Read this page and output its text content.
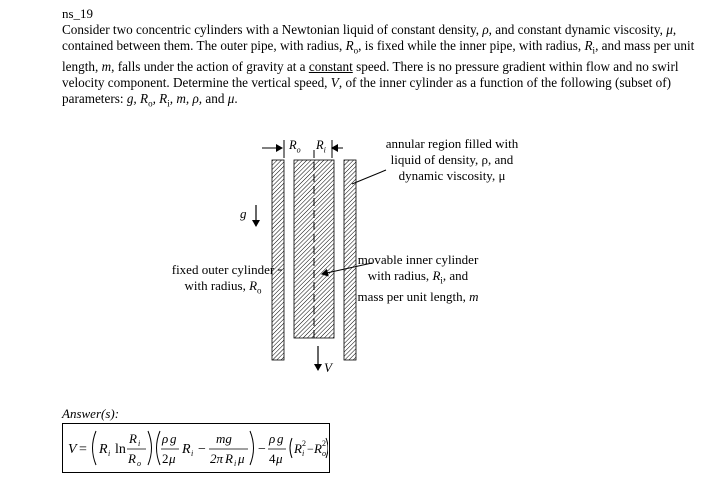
ns_19
Consider two concentric cylinders with a Newtonian liquid of constant density, ρ, and constant dynamic viscosity, μ, contained between them. The outer pipe, with radius, $R_o$, is fixed while the inner pipe, with radius, $R_i$, and mass per unit length, m, falls under the action of gravity at a constant speed. There is no pressure gradient within flow and no swirl velocity component. Determine the vertical speed, V, of the inner cylinder as a function of the following (subset of) parameters: g, $R_o$, $R_i$, m, ρ, and μ.
$R_o$ $R_i$
g
V
annular region filled with liquid of density, ρ, and dynamic viscosity, μ
fixed outer cylinder with radius, $R_o$
movable inner cylinder with radius, $R_i$, and mass per unit length, m
Answer(s):
V = R i ln
R i
R o
ρ g
2 μ
R i −
mg
2π R i μ
−
ρ g
4 μ
R 2
i − R 2
o
